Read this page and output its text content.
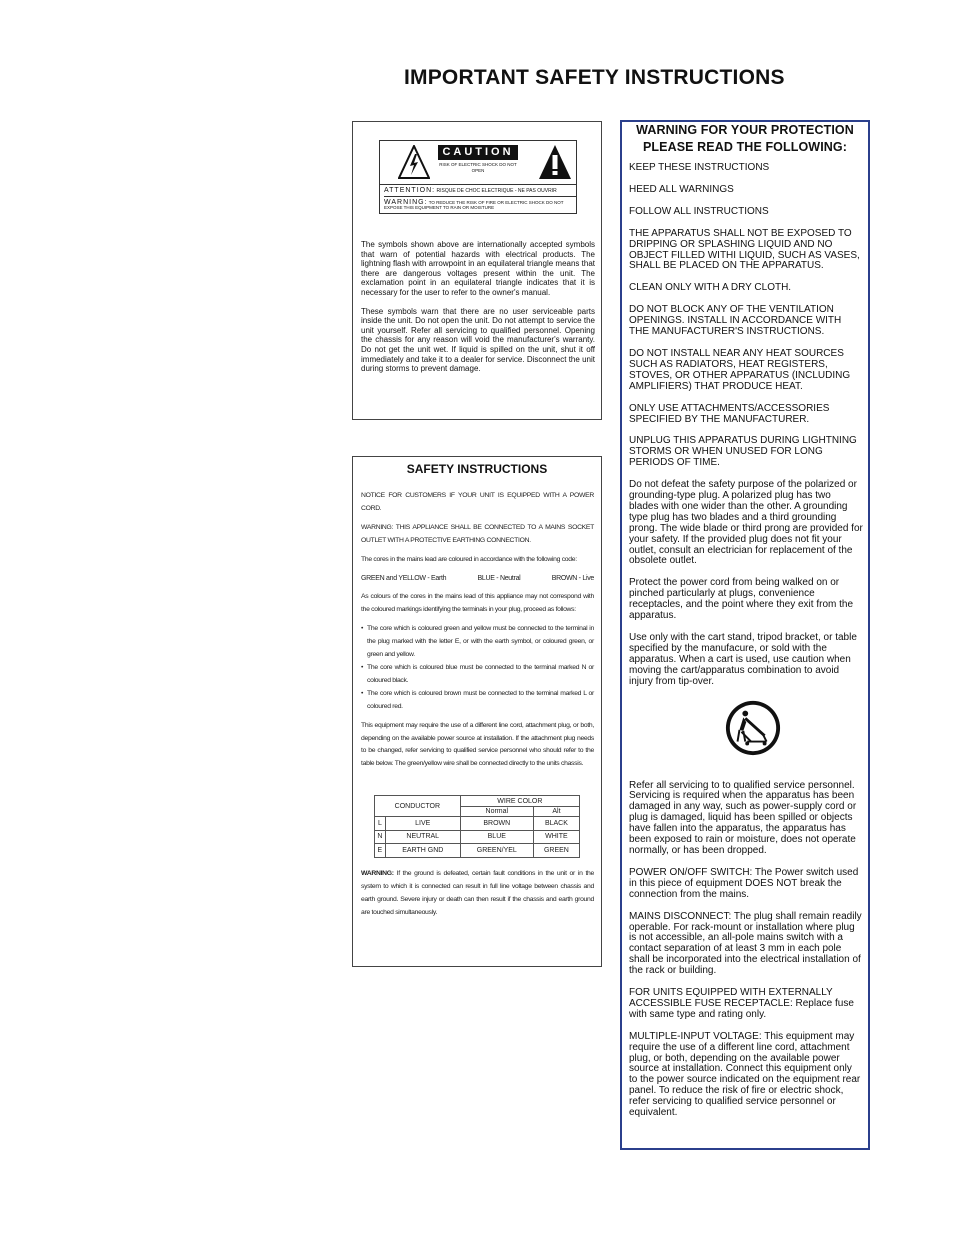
IMPORTANT SAFETY INSTRUCTIONS
CAUTION
RISK OF ELECTRIC SHOCK DO NOT OPEN
ATTENTION: RISQUE DE CHOC ELECTRIQUE - NE PAS OUVRIR
WARNING: TO REDUCE THE RISK OF FIRE OR ELECTRIC SHOCK DO NOT EXPOSE THIS EQUIPMENT TO RAIN OR MOISTURE

The symbols shown above are internationally accepted symbols that warn of potential hazards with electrical products. The lightning flash with arrowpoint in an equilateral triangle means that there are dangerous voltages present within the unit. The exclamation point in an equilateral triangle indicates that it is necessary for the user to refer to the owner's manual.

These symbols warn that there are no user serviceable parts inside the unit. Do not open the unit. Do not attempt to service the unit yourself. Refer all servicing to qualified personnel. Opening the chassis for any reason will void the manufacturer's warranty. Do not get the unit wet. If liquid is spilled on the unit, shut it off immediately and take it to a dealer for service. Disconnect the unit during storms to prevent damage.

SAFETY INSTRUCTIONS

NOTICE FOR CUSTOMERS IF YOUR UNIT IS EQUIPPED WITH A POWER CORD.

WARNING: THIS APPLIANCE SHALL BE CONNECTED TO A MAINS SOCKET OUTLET WITH A PROTECTIVE EARTHING CONNECTION.

The cores in the mains lead are coloured in accordance with the following code:

GREEN and YELLOW - Earth	BLUE - Neutral	BROWN - Live

As colours of the cores in the mains lead of this appliance may not correspond with the coloured markings identifying the terminals in your plug, proceed as follows:

• The core which is coloured green and yellow must be connected to the terminal in the plug marked with the letter E, or with the earth symbol, or coloured green, or green and yellow.
• The core which is coloured blue must be connected to the terminal marked N or coloured black.
• The core which is coloured brown must be connected to the terminal marked L or coloured red.

This equipment may require the use of a different line cord, attachment plug, or both, depending on the available power source at installation. If the attachment plug needs to be changed, refer servicing to qualified service personnel who should refer to the table below. The green/yellow wire shall be connected directly to the units chassis.

CONDUCTOR		WIRE COLOR	
		Normal	Alt
L	LIVE	BROWN	BLACK
N	NEUTRAL	BLUE	WHITE
E	EARTH GND	GREEN/YEL	GREEN
WARNING: If the ground is defeated, certain fault conditions in the unit or in the system to which it is connected can result in full line voltage between chassis and earth ground. Severe injury or death can then result if the chassis and earth ground are touched simultaneously.
WARNING FOR YOUR PROTECTION
PLEASE READ THE FOLLOWING:

KEEP THESE INSTRUCTIONS

HEED ALL WARNINGS

FOLLOW ALL INSTRUCTIONS

THE APPARATUS SHALL NOT BE EXPOSED TO DRIPPING OR SPLASHING LIQUID AND NO OBJECT FILLED WITHI LIQUID, SUCH AS VASES, SHALL BE PLACED ON THE APPARATUS.

CLEAN ONLY WITH A DRY CLOTH.

DO NOT BLOCK ANY OF THE VENTILATION OPENINGS. INSTALL IN ACCORDANCE WITH THE MANUFACTURER'S INSTRUCTIONS.

DO NOT INSTALL NEAR ANY HEAT SOURCES SUCH AS RADIATORS, HEAT REGISTERS, STOVES, OR OTHER APPARATUS (INCLUDING AMPLIFIERS) THAT PRODUCE HEAT.

ONLY USE ATTACHMENTS/ACCESSORIES SPECIFIED BY THE MANUFACTURER.

UNPLUG THIS APPARATUS DURING LIGHTNING STORMS OR WHEN UNUSED FOR LONG PERIODS OF TIME.

Do not defeat the safety purpose of the polarized or grounding-type plug. A polarized plug has two blades with one wider than the other. A grounding type plug has two blades and a third grounding prong. The wide blade or third prong are provided for your safety. If the provided plug does not fit your outlet, consult an electrician for replacement of the obsolete outlet.

Protect the power cord from being walked on or pinched particularly at plugs, convenience receptacles, and the point where they exit from the apparatus.

Use only with the cart stand, tripod bracket, or table specified by the manufacure, or sold with the apparatus. When a cart is used, use caution when moving the cart/apparatus combination to avoid injury from tip-over.

Refer all servicing to to qualified service personnel. Servicing is required when the apparatus has been damaged in any way, such as power-supply cord or plug is damaged, liquid has been spilled or objects have fallen into the apparatus, the apparatus has been exposed to rain or moisture, does not operate normally, or has been dropped.

POWER ON/OFF SWITCH: The Power switch used in this piece of equipment DOES NOT break the connection from the mains.

MAINS DISCONNECT: The plug shall remain readily operable. For rack-mount or installation where plug is not accessible, an all-pole mains switch with a contact separation of at least 3 mm in each pole shall be incorporated into the electrical installation of the rack or building.

FOR UNITS EQUIPPED WITH EXTERNALLY ACCESSIBLE FUSE RECEPTACLE: Replace fuse with same type and rating only.

MULTIPLE-INPUT VOLTAGE: This equipment may require the use of a different line cord, attachment plug, or both, depending on the available power source at installation. Connect this equipment only to the power source indicated on the equipment rear panel. To reduce the risk of fire or electric shock, refer servicing to qualified service personnel or equivalent.
